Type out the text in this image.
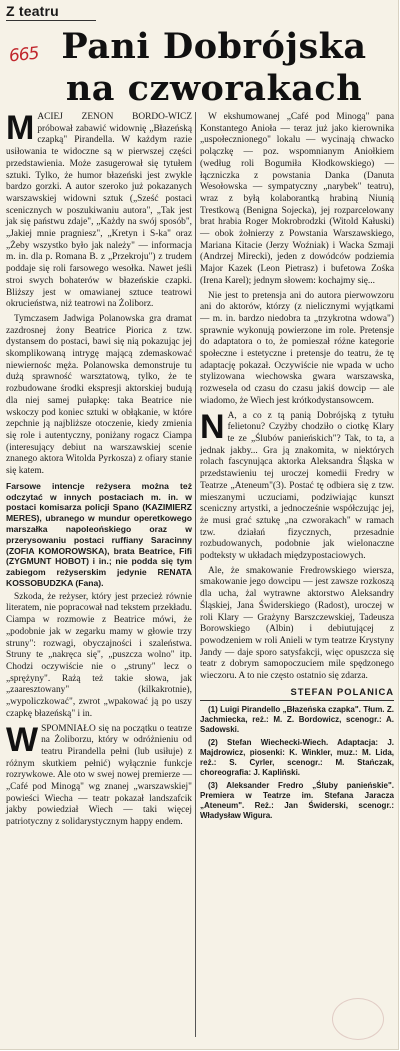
Z teatru
665 Pani Dobrójska na czworakach

MACIEJ ZENON BORDO-WICZ próbował zabawić widownię „Błazeńską czapką" Pirandella. W każdym razie usiłowania te widoczne są w pierwszej części przedstawienia. Może zasugerował się tytułem sztuki. Tylko, że humor błazeński jest zwykle bardzo gorzki. A autor szeroko już pokazanych warszawskiej widowni sztuk („Sześć postaci scenicznych w poszukiwaniu autora", „Tak jest jak się państwu zdaje", „Każdy na swój sposób", „Jakiej mnie pragniesz", „Kretyn i S-ka" oraz „Żeby wszystko było jak należy" — informacja m. in. dla p. Romana B. z „Przekroju") z trudem poddaje się roli farsowego wesołka. Nawet jeśli stroi swych bohaterów w błazeńskie czapki. Bliższy jest w omawianej sztuce teatrowi okrucieństwa, niż teatrowi na Żoliborz.

Tymczasem Jadwiga Polanowska gra dramat zazdrosnej żony Beatrice Piorica z tzw. dystansem do postaci, bawi się nią pokazując jej skomplikowaną intrygę mającą zdemaskować niewiernośc męża. Polanowska demonstruje tu dużą sprawność warsztatową, tylko, że te rozbudowane środki ekspresji aktorskiej budują dla niej samej pułapkę: taka Beatrice nie wskoczy pod koniec sztuki w obłąkanie, w które zepchnie ją najbliższe otoczenie, kiedy zmienia się role i autentyczny, poniżany rogacz Ciampa (interesujący debiut na warszawskiej scenie znanego aktora Witolda Pyrkosza) z ofiary stanie się katem.

Farsowe intencje reżysera można też odczytać w innych postaciach m. in. w postaci komisarza policji Spano (KAZIMIERZ MERES), ubranego w mundur operetkowego marszałka napoleońskiego oraz w przerysowaniu postaci ruffiany Saracinny (ZOFIA KOMOROWSKA), brata Beatrice, Fifi (ZYGMUNT HOBOT) i in.; nie podda się tym zabiegom reżyserskim jedynie RENATA KOSSOBUDZKA (Fana).

Szkoda, że reżyser, który jest przecież równie literatem, nie popracował nad tekstem przekładu. Ciampa w rozmowie z Beatrice mówi, że „podobnie jak w zegarku mamy w głowie trzy struny": rozwagi, obyczajności i szaleństwa. Struny te „nakręca się", „puszcza wolno" itp. Chodzi oczywiście nie o „struny" lecz o „sprężyny". Rażą też takie słowa, jak „zaaresztowany" (kilkakrotnie), „wypoliczkować", zwrot „wpakować ją po uszy czapkę błazeńską" i in.

WSPOMNIAŁO się na początku o teatrze na Żoliborzu, który w odróżnieniu od teatru Pirandella pełni (lub usiłuje) z różnym skutkiem pełnić) wyłącznie funkcje rozrywkowe. Ale oto w swej nowej premierze — „Café pod Minogą" wg znanej „warszawskiej" powieści Wiecha — teatr pokazał landszafcik jakby powiedział Wiech — taki więcej patriotyczny z solidarystycznym happy endem.

W ekshumowanej „Café pod Minogą" pana Konstantego Anioła — teraz już jako kierownika „uspołecznionego" lokalu — wycinają chwacko polączkę — poz. wspomnianym Aniołkiem (według roli Bogumiła Kłodkowskiego) — łączniczka z powstania Danka (Danuta Wesołowska — sympatyczny „narybek" teatru), wraz z byłą kolaborantką hrabiną Niunią Trestkową (Benigna Sojecka), jej rozparcelowany brat hrabia Roger Mokrobrodzki (Witold Kałuski) — obok żołnierzy z Powstania Warszawskiego, Mariana Kitacie (Jerzy Woźniak) i Wacka Szmaji (Andrzej Mirecki), jeden z dowódców podziemia Major Kazek (Leon Pietrasz) i bufetowa Zośka (Irena Karel); jednym słowem: kochajmy się...

Nie jest to pretensja ani do autora pierwowzoru ani do aktorów, którzy (z nielicznymi wyjątkami — m. in. bardzo niedobra ta „trzykrotna wdowa") sprawnie wykonują powierzone im role. Pretensje do adaptatora o to, że pomieszał różne kategorie społeczne i estetyczne i pretensje do teatru, że tę adaptację pokazał. Oczywiście nie wpada w ucho stylizowana wiechowska gwara warszawska, rozwesela od czasu do czasu jakiś dowcip — ale wiadomo, że Wiech jest krótkodystansowcem.

N A, a co z tą panią Dobrójską z tytułu felietonu? Czyżby chodziło o ciotkę Klary te ze „Ślubów panieńskich"? Tak, to ta, a jednak jakby... Gra ją znakomita, w niektórych rolach fascynująca aktorka Aleksandra Śląska w przedstawieniu tej uroczej komedii Fredry w Teatrze „Ateneum"(3). Postać tę odbiera się z tzw. mieszanymi uczuciami, podziwiając kunszt sceniczny artystki, a jednocześnie współczując jej, że musi grać sztukę „na czworakach" w ramach tzw. działań fizycznych, przesadnie rozbudowanych, podobnie jak wielonaczne podteksty w układach międzypostaciowych.

Ale, że smakowanie Fredrowskiego wiersza, smakowanie jego dowcipu — jest zawsze rozkoszą dla ucha, żal wytrawne aktorstwo Aleksandry Śląskiej, Jana Świderskiego (Radost), uroczej w roli Klary — Grażyny Barszczewskiej, Tadeusza Borowskiego (Albin) i debiutującej z powodzeniem w roli Anieli w tym teatrze Krystyny Jandy — daje sporo satysfakcji, więc opuszcza się teatr z dobrym samopoczuciem mile spędzonego wieczoru. A to nie często ostatnio się zdarza.

STEFAN POLANICA

(1) Luigi Pirandello „Błazeńska czapka". Tłum. Z. Jachmiecka, reż.: M. Z. Bordowicz, scenogr.: A. Sadowski.

(2) Stefan Wiechecki-Wiech. Adaptacja: J. Majdrowicz, piosenki: K. Winkler, muz.: M. Lida, reż.: S. Cyrler, scenogr.: M. Stańczak, choreografia: J. Kapliński.

(3) Aleksander Fredro „Śluby panieńskie". Premiera w Teatrze im. Stefana Jaracza „Ateneum". Reż.: Jan Świderski, scenogr.: Władysław Wigura.
